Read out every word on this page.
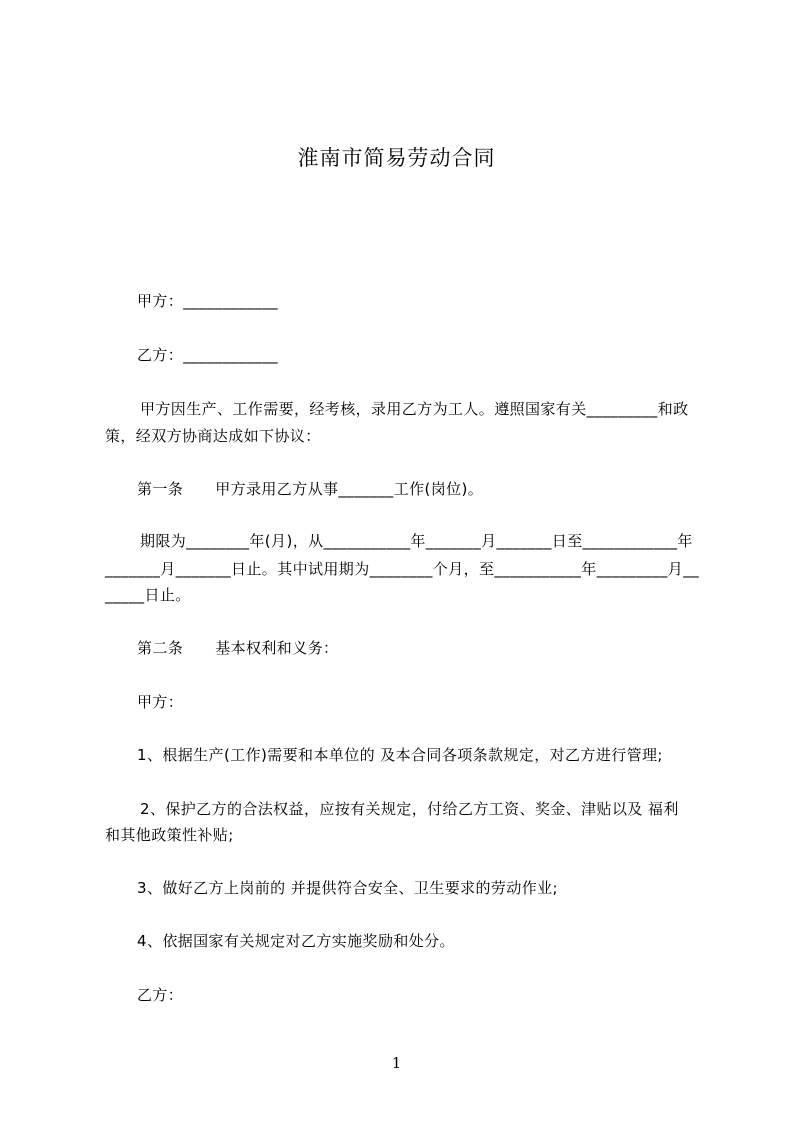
淮南市简易劳动合同
甲方：____________
乙方：____________
甲方因生产、工作需要，经考核，录用乙方为工人。遵照国家有关_________和政
策，经双方协商达成如下协议：
第一条 甲方录用乙方从事_______工作(岗位)。
期限为________年(月)，从___________年_______月_______日至____________年
_______月_______日止。其中试用期为________个月，至___________年_________月__
_____日止。
第二条 基本权利和义务：
甲方：
1、根据生产(工作)需要和本单位的 及本合同各项条款规定，对乙方进行管理;
2、保护乙方的合法权益，应按有关规定，付给乙方工资、奖金、津贴以及 福利
和其他政策性补贴;
3、做好乙方上岗前的 并提供符合安全、卫生要求的劳动作业;
4、依据国家有关规定对乙方实施奖励和处分。
乙方：
1
